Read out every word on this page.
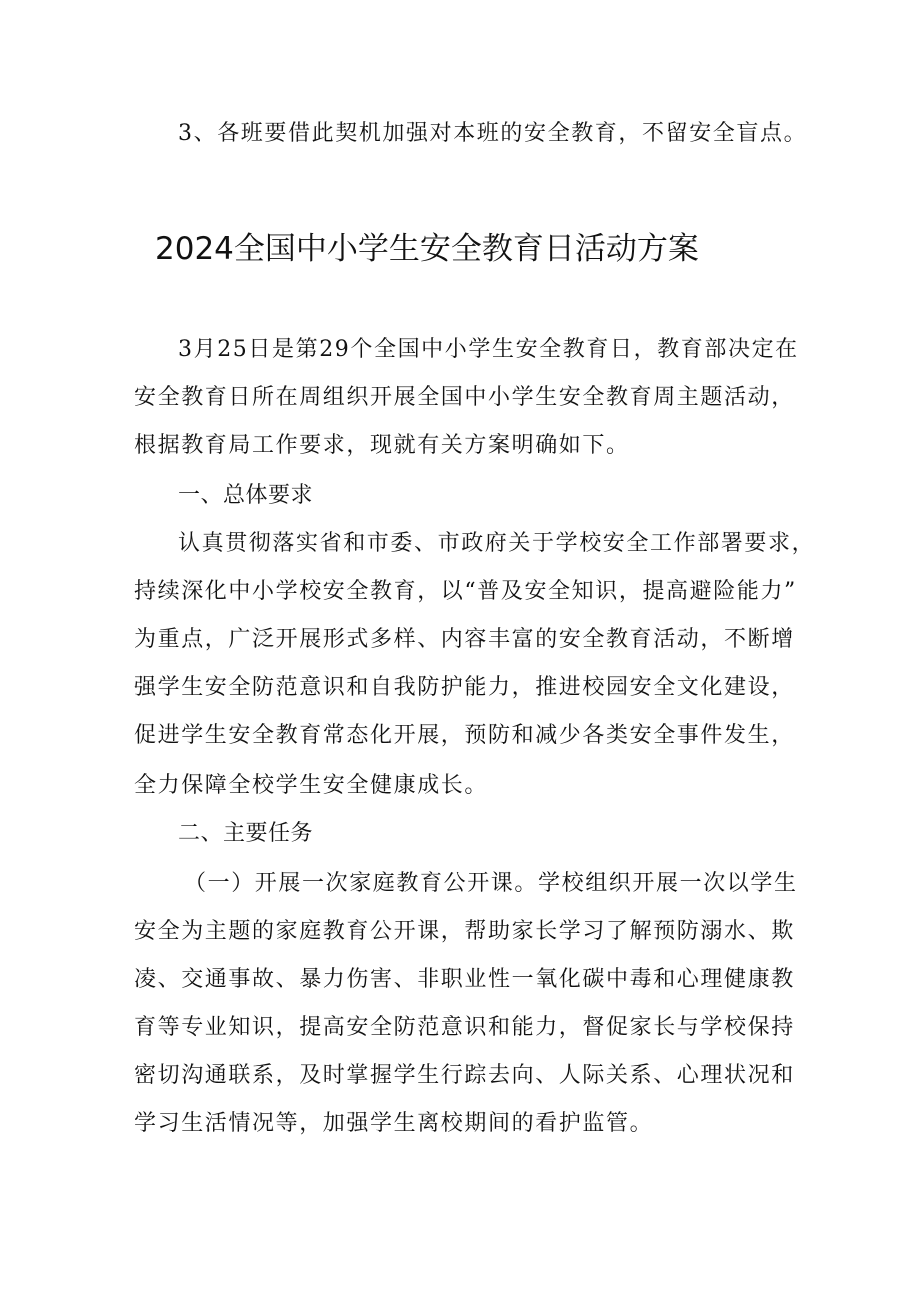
3、各班要借此契机加强对本班的安全教育，不留安全盲点。
2024全国中小学生安全教育日活动方案
3月25日是第29个全国中小学生安全教育日，教育部决定在
安全教育日所在周组织开展全国中小学生安全教育周主题活动，
根据教育局工作要求，现就有关方案明确如下。
一、总体要求
认真贯彻落实省和市委、市政府关于学校安全工作部署要求，
持续深化中小学校安全教育，以“普及安全知识，提高避险能力”
为重点，广泛开展形式多样、内容丰富的安全教育活动，不断增
强学生安全防范意识和自我防护能力，推进校园安全文化建设，
促进学生安全教育常态化开展，预防和减少各类安全事件发生，
全力保障全校学生安全健康成长。
二、主要任务
（一）开展一次家庭教育公开课。学校组织开展一次以学生
安全为主题的家庭教育公开课，帮助家长学习了解预防溺水、欺
凌、交通事故、暴力伤害、非职业性一氧化碳中毒和心理健康教
育等专业知识，提高安全防范意识和能力，督促家长与学校保持
密切沟通联系，及时掌握学生行踪去向、人际关系、心理状况和
学习生活情况等，加强学生离校期间的看护监管。
